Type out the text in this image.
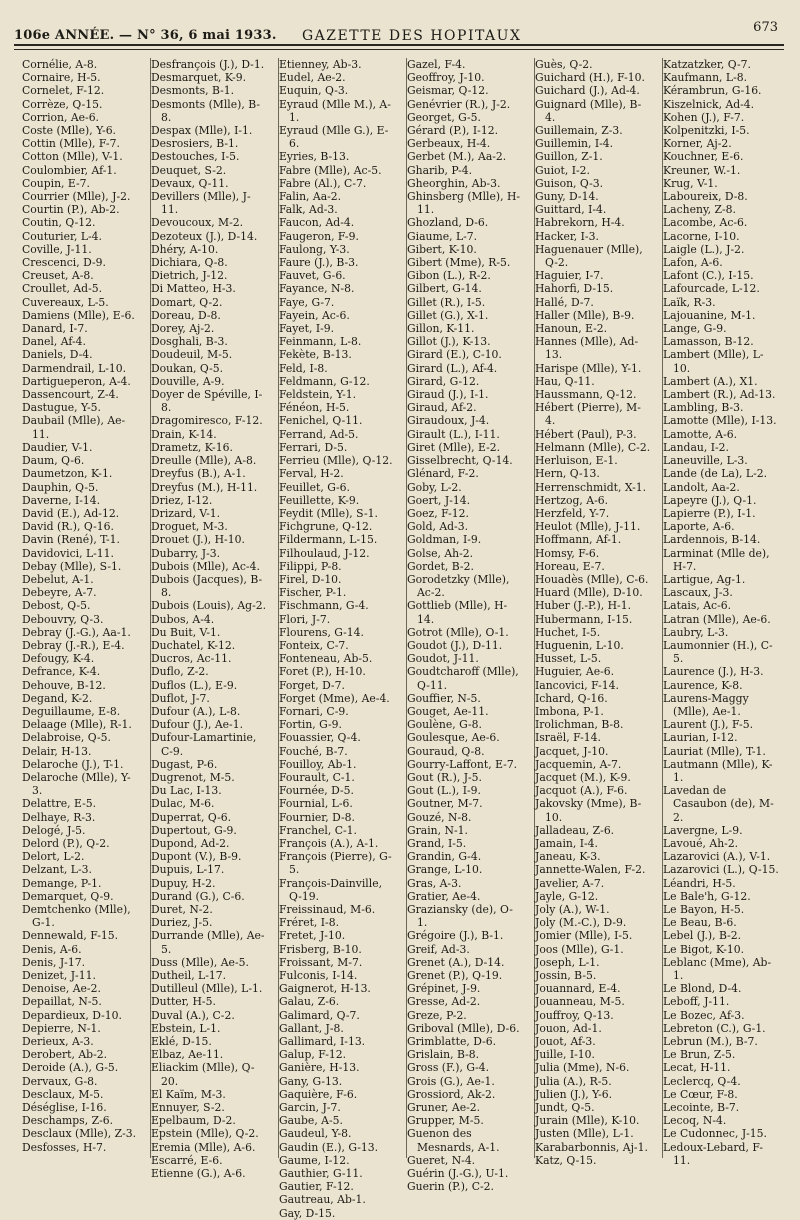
106e ANNÉE. — N° 36, 6 mai 1933. GAZETTE DES HOPITAUX
673
Cornélie, A-8.
Cornaire, H-5.
Cornelet, F-12.
Corrèze, Q-15.
Corrion, Ae-6.
Coste (Mlle), Y-6.
Cottin (Mlle), F-7.
Cotton (Mlle), V-1.
Coulombier, Af-1.
Coupin, E-7.
Courrier (Mlle), J-2.
Courtin (P.), Ab-2.
Coutin, Q-12.
Couturier, L-4.
Coville, J-11.
Crescenci, D-9.
Creuset, A-8.
Croullet, Ad-5.
Cuvereaux, L-5.
Damiens (Mlle), E-6.
Danard, I-7.
Danel, Af-4.
Daniels, D-4.
Darmendrail, L-10.
Dartigueperon, A-4.
Dassencourt, Z-4.
Dastugue, Y-5.
Daubail (Mlle), Ae-11.
Daudier, V-1.
Daum, Q-6.
Daumetzon, K-1.
Dauphin, Q-5.
Daverne, I-14.
David (E.), Ad-12.
David (R.), Q-16.
Davin (René), T-1.
Davidovici, L-11.
Debay (Mlle), S-1.
Debelut, A-1.
Debeyre, A-7.
Debost, Q-5.
Debouvry, Q-3.
Debray (J.-G.), Aa-1.
Debray (J.-R.), E-4.
Defougy, K-4.
Defrance, K-4.
Dehouve, B-12.
Degand, K-2.
Deguillaume, E-8.
Delaage (Mlle), R-1.
Delabroise, Q-5.
Delair, H-13.
Delaroche (J.), T-1.
Delaroche (Mlle), Y-3.
Delattre, E-5.
Delhaye, R-3.
Delogé, J-5.
Delord (P.), Q-2.
Delort, L-2.
Delzant, L-3.
Demange, P-1.
Demarquet, Q-9.
Demtchenko (Mlle), G-1.
Dennewald, F-15.
Denis, A-6.
Denis, J-17.
Denizet, J-11.
Denoise, Ae-2.
Depaillat, N-5.
Depardieux, D-10.
Depierre, N-1.
Derieux, A-3.
Derobert, Ab-2.
Deroide (A.), G-5.
Dervaux, G-8.
Desclaux, M-5.
Déséglise, I-16.
Deschamps, Z-6.
Desclaux (Mlle), Z-3.
Desfosses, H-7.
Desfrançois (J.), D-1.
Desmarquet, K-9.
Desmonts, B-1.
Desmonts (Mlle), B-8.
Despax (Mlle), I-1.
Desrosiers, B-1.
Destouches, I-5.
Deuquet, S-2.
Devaux, Q-11.
Devillers (Mlle), J-11.
Devoucoux, M-2.
Dezoteux (J.), D-14.
Dhéry, A-10.
Dichiara, Q-8.
Dietrich, J-12.
Di Matteo, H-3.
Domart, Q-2.
Doreau, D-8.
Dorey, Aj-2.
Dosghali, B-3.
Doudeuil, M-5.
Doukan, Q-5.
Douville, A-9.
Doyer de Spéville, I-8.
Dragomiresco, F-12.
Drain, K-14.
Drametz, K-16.
Dreulle (Mlle), A-8.
Dreyfus (B.), A-1.
Dreyfus (M.), H-11.
Driez, I-12.
Drizard, V-1.
Droguet, M-3.
Drouet (J.), H-10.
Dubarry, J-3.
Dubois (Mlle), Ac-4.
Dubois (Jacques), B-8.
Dubois (Louis), Ag-2.
Dubos, A-4.
Du Buit, V-1.
Duchatel, K-12.
Ducros, Ac-11.
Duflo, Z-2.
Duflos (L.), E-9.
Duflot, J-7.
Dufour (A.), L-8.
Dufour (J.), Ae-1.
Dufour-Lamartinie, C-9.
Dugast, P-6.
Dugrenot, M-5.
Du Lac, I-13.
Dulac, M-6.
Duperrat, Q-6.
Dupertout, G-9.
Dupond, Ad-2.
Dupont (V.), B-9.
Dupuis, L-17.
Dupuy, H-2.
Durand (G.), C-6.
Duret, N-2.
Duriez, J-5.
Durrande (Mlle), Ae-5.
Duss (Mlle), Ae-5.
Dutheil, L-17.
Dutilleul (Mlle), L-1.
Dutter, H-5.
Duval (A.), C-2.
Ebstein, L-1.
Eklé, D-15.
Elbaz, Ae-11.
Eliackim (Mlle), Q-20.
El Kaïm, M-3.
Ennuyer, S-2.
Epelbaum, D-2.
Epstein (Mlle), Q-2.
Eremia (Mlle), A-6.
Escarré, E-6.
Etienne (G.), A-6.
Etienney, Ab-3.
Eudel, Ae-2.
Euquin, Q-3.
Eyraud (Mlle M.), A-1.
Eyraud (Mlle G.), E-6.
Eyries, B-13.
Fabre (Mlle), Ac-5.
Fabre (Al.), C-7.
Falin, Aa-2.
Falk, Ad-3.
Faucon, Ad-4.
Faugeron, F-9.
Faulong, Y-3.
Faure (J.), B-3.
Fauvet, G-6.
Fayance, N-8.
Faye, G-7.
Fayein, Ac-6.
Fayet, I-9.
Feinmann, L-8.
Fekète, B-13.
Feld, I-8.
Feldmann, G-12.
Feldstein, Y-1.
Fénéon, H-5.
Fenichel, Q-11.
Ferrand, Ad-5.
Ferrari, D-5.
Ferrieu (Mlle), Q-12.
Ferval, H-2.
Feuillet, G-6.
Feuillette, K-9.
Feydit (Mlle), S-1.
Fichgrune, Q-12.
Fildermann, L-15.
Filhoulaud, J-12.
Filippi, P-8.
Firel, D-10.
Fischer, P-1.
Fischmann, G-4.
Flori, J-7.
Flourens, G-14.
Fonteix, C-7.
Fonteneau, Ab-5.
Foret (P.), H-10.
Forget, D-7.
Forget (Mme), Ae-4.
Fornari, C-9.
Fortin, G-9.
Fouassier, Q-4.
Fouché, B-7.
Fouilloy, Ab-1.
Fourault, C-1.
Fournée, D-5.
Fournial, L-6.
Fournier, D-8.
Franchel, C-1.
François (A.), A-1.
François (Pierre), G-5.
François-Dainville, Q-19.
Freissinaud, M-6.
Fréret, I-8.
Fretet, J-10.
Frisberg, B-10.
Froissant, M-7.
Fulconis, I-14.
Gaignerot, H-13.
Galau, Z-6.
Galimard, Q-7.
Gallant, J-8.
Gallimard, I-13.
Galup, F-12.
Ganière, H-13.
Gany, G-13.
Gaquière, F-6.
Garcin, J-7.
Gaube, A-5.
Gaudeul, Y-8.
Gaudin (E.), G-13.
Gaume, I-12.
Gauthier, G-11.
Gautier, F-12.
Gautreau, Ab-1.
Gay, D-15.
Gazel, F-4.
Geoffroy, J-10.
Geismar, Q-12.
Genévrier (R.), J-2.
Georget, G-5.
Gérard (P.), I-12.
Gerbeaux, H-4.
Gerbet (M.), Aa-2.
Gharib, P-4.
Gheorghin, Ab-3.
Ghinsberg (Mlle), H-11.
Ghozland, D-6.
Giaume, L-7.
Gibert, K-10.
Gibert (Mme), R-5.
Gibon (L.), R-2.
Gilbert, G-14.
Gillet (R.), I-5.
Gillet (G.), X-1.
Gillon, K-11.
Gillot (J.), K-13.
Girard (E.), C-10.
Girard (L.), Af-4.
Girard, G-12.
Giraud (J.), I-1.
Giraud, Af-2.
Giraudoux, J-4.
Girault (L.), I-11.
Giret (Mlle), E-2.
Gisselbrecht, Q-14.
Glénard, F-2.
Goby, L-2.
Goert, J-14.
Goez, F-12.
Gold, Ad-3.
Goldman, I-9.
Golse, Ah-2.
Gordet, B-2.
Gorodetzky (Mlle), Ac-2.
Gottlieb (Mlle), H-14.
Gotrot (Mlle), O-1.
Goudot (J.), D-11.
Goudot, J-11.
Goudtcharoff (Mlle), Q-11.
Gouffier, N-5.
Gouget, Ae-11.
Goulène, G-8.
Goulesque, Ae-6.
Gouraud, Q-8.
Gourry-Laffont, E-7.
Gout (R.), J-5.
Gout (L.), I-9.
Goutner, M-7.
Gouzé, N-8.
Grain, N-1.
Grand, I-5.
Grandin, G-4.
Grange, L-10.
Gras, A-3.
Gratier, Ae-4.
Graziansky (de), O-1.
Grégoire (J.), B-1.
Greif, Ad-3.
Grenet (A.), D-14.
Grenet (P.), Q-19.
Grépinet, J-9.
Gresse, Ad-2.
Greze, P-2.
Griboval (Mlle), D-6.
Grimblatte, D-6.
Grislain, B-8.
Gross (F.), G-4.
Grois (G.), Ae-1.
Grossiord, Ak-2.
Gruner, Ae-2.
Grupper, M-5.
Guenon des Mesnards, A-1.
Gueret, N-4.
Guérin (J.-G.), U-1.
Guerin (P.), C-2.
Guès, Q-2.
Guichard (H.), F-10.
Guichard (J.), Ad-4.
Guignard (Mlle), B-4.
Guillemain, Z-3.
Guillemin, I-4.
Guillon, Z-1.
Guiot, I-2.
Guison, Q-3.
Guny, D-14.
Guittard, I-4.
Habrekorn, H-4.
Hacker, I-3.
Haguenauer (Mlle), Q-2.
Haguier, I-7.
Hahorfi, D-15.
Hallé, D-7.
Haller (Mlle), B-9.
Hanoun, E-2.
Hannes (Mlle), Ad-13.
Harispe (Mlle), Y-1.
Hau, Q-11.
Haussmann, Q-12.
Hébert (Pierre), M-4.
Hébert (Paul), P-3.
Helmann (Mlle), C-2.
Herluison, E-1.
Hern, Q-13.
Herrenschmidt, X-1.
Hertzog, A-6.
Herzfeld, Y-7.
Heulot (Mlle), J-11.
Hoffmann, Af-1.
Homsy, F-6.
Horeau, E-7.
Houadès (Mlle), C-6.
Huard (Mlle), D-10.
Huber (J.-P.), H-1.
Hubermann, I-15.
Huchet, I-5.
Huguenin, L-10.
Husset, L-5.
Huguier, Ae-6.
Iancovici, F-14.
Ichard, Q-16.
Imbona, P-1.
Irolichman, B-8.
Israël, F-14.
Jacquet, J-10.
Jacquemin, A-7.
Jacquet (M.), K-9.
Jacquot (A.), F-6.
Jakovsky (Mme), B-10.
Jalladeau, Z-6.
Jamain, I-4.
Janeau, K-3.
Jannette-Walen, F-2.
Javelier, A-7.
Jayle, G-12.
Joly (A.), W-1.
Joly (M.-C.), D-9.
Jomier (Mlle), I-5.
Joos (Mlle), G-1.
Joseph, L-1.
Jossin, B-5.
Jouannard, E-4.
Jouanneau, M-5.
Jouffroy, Q-13.
Jouon, Ad-1.
Jouot, Af-3.
Juille, I-10.
Julia (Mme), N-6.
Julia (A.), R-5.
Julien (J.), Y-6.
Jundt, Q-5.
Jurain (Mlle), K-10.
Justen (Mlle), L-1.
Karabarbonnis, Aj-1.
Katz, Q-15.
Katzatzker, Q-7.
Kaufmann, L-8.
Kérambrun, G-16.
Kiszelnick, Ad-4.
Kohen (J.), F-7.
Kolpenitzki, I-5.
Korner, Aj-2.
Kouchner, E-6.
Kreuner, W.-1.
Krug, V-1.
Laboureix, D-8.
Lacheny, Z-8.
Lacombe, Ac-6.
Lacorne, I-10.
Laigle (L.), J-2.
Lafon, A-6.
Lafont (C.), I-15.
Lafourcade, L-12.
Laïk, R-3.
Lajouanine, M-1.
Lange, G-9.
Lamasson, B-12.
Lambert (Mlle), L-10.
Lambert (A.), X1.
Lambert (R.), Ad-13.
Lambling, B-3.
Lamotte (Mlle), I-13.
Lamotte, A-6.
Landau, I-2.
Laneuville, L-3.
Lande (de La), L-2.
Landolt, Aa-2.
Lapeyre (J.), Q-1.
Lapierre (P.), I-1.
Laporte, A-6.
Lardennois, B-14.
Larminat (Mlle de), H-7.
Lartigue, Ag-1.
Lascaux, J-3.
Latais, Ac-6.
Latran (Mlle), Ae-6.
Laubry, L-3.
Laumonnier (H.), C-5.
Laurence (J.), H-3.
Laurence, K-8.
Laurens-Maggy (Mlle), Ae-1.
Laurent (J.), F-5.
Laurian, I-12.
Lauriat (Mlle), T-1.
Lautmann (Mlle), K-1.
Lavedan de Casaubon (de), M-2.
Lavergne, L-9.
Lavoué, Ah-2.
Lazarovici (A.), V-1.
Lazarovici (L.), Q-15.
Léandri, H-5.
Le Bale'h, G-12.
Le Bayon, H-5.
Le Beau, B-6.
Lebel (J.), B-2.
Le Bigot, K-10.
Leblanc (Mme), Ab-1.
Le Blond, D-4.
Leboff, J-11.
Le Bozec, Af-3.
Lebreton (C.), G-1.
Lebrun (M.), B-7.
Le Brun, Z-5.
Lecat, H-11.
Leclercq, Q-4.
Le Cœur, F-8.
Lecointe, B-7.
Lecoq, N-4.
Le Cudonnec, J-15.
Ledoux-Lebard, F-11.
